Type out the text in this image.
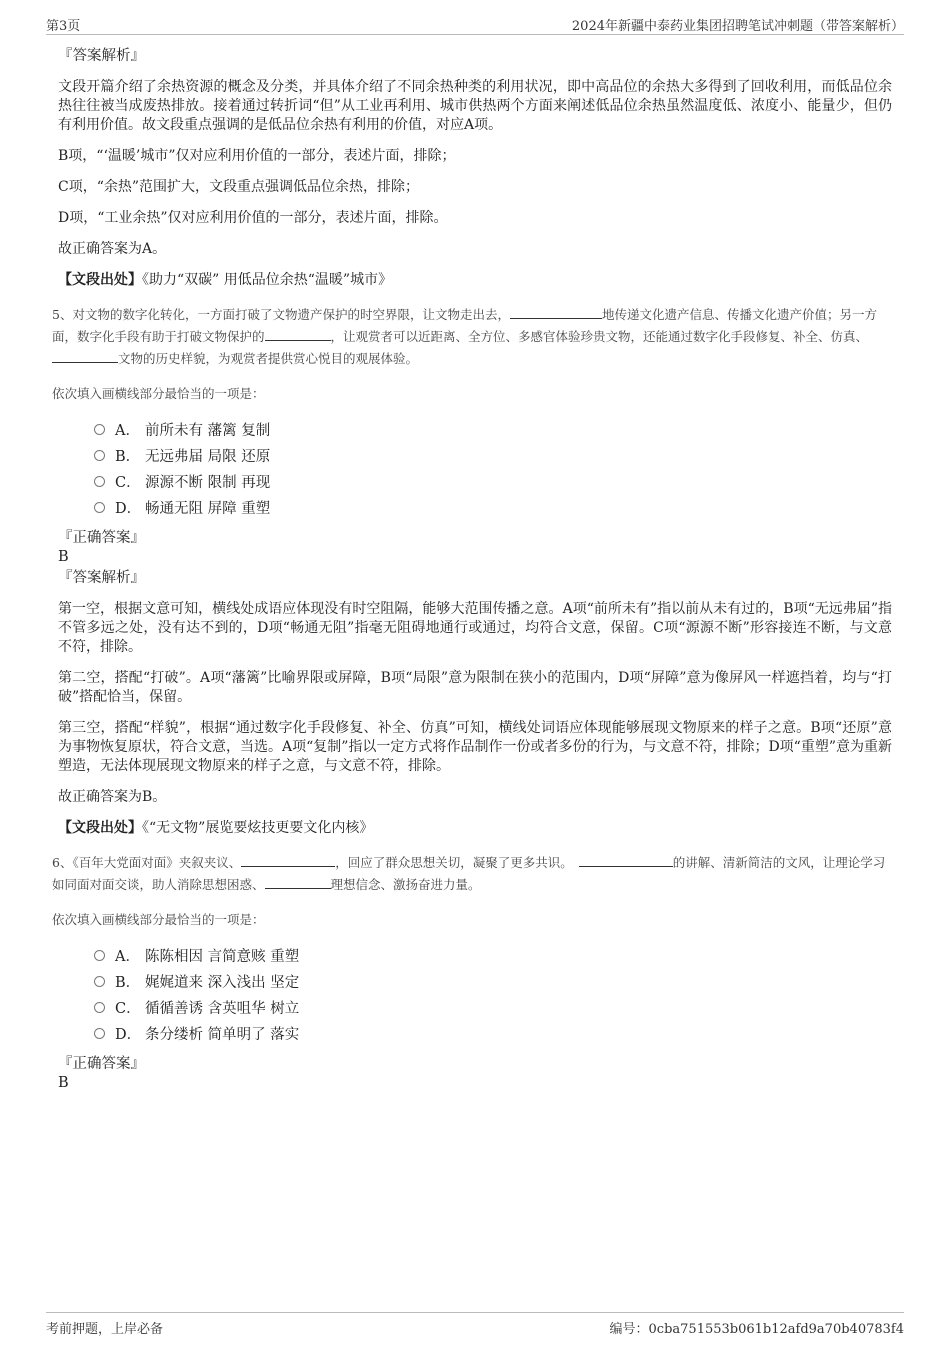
第3页	2024年新疆中泰药业集团招聘笔试冲刺题（带答案解析）
『答案解析』

文段开篇介绍了余热资源的概念及分类，并具体介绍了不同余热种类的利用状况，即中高品位的余热大多得到了回收利用，而低品位余热往往被当成废热排放。接着通过转折词“但”从工业再利用、城市供热两个方面来阐述低品位余热虽然温度低、浓度小、能量少，但仍有利用价值。故文段重点强调的是低品位余热有利用的价值，对应A项。

B项，“‘温暖’城市”仅对应利用价值的一部分，表述片面，排除；

C项，“余热”范围扩大，文段重点强调低品位余热，排除；

D项，“工业余热”仅对应利用价值的一部分，表述片面，排除。

故正确答案为A。

【文段出处】《助力“双碳” 用低品位余热“温暖”城市》

5、对文物的数字化转化，一方面打破了文物遗产保护的时空界限，让文物走出去，	地传递文化遗产信息、传播文化遗产价值；另一方面，数字化手段有助于打破文物保护的	，让观赏者可以近距离、全方位、多感官体验珍贵文物，还能通过数字化手段修复、补全、仿真、文物的历史样貌，为观赏者提供赏心悦目的观展体验。

依次填入画横线部分最恰当的一项是：

A． 前所未有 藩篱 复制
B． 无远弗届 局限 还原
C． 源源不断 限制 再现
D． 畅通无阻 屏障 重塑
『正确答案』
B
『答案解析』

第一空，根据文意可知，横线处成语应体现没有时空阻隔，能够大范围传播之意。A项“前所未有”指以前从未有过的，B项“无远弗届”指不管多远之处，没有达不到的，D项“畅通无阻”指毫无阻碍地通行或通过，均符合文意，保留。C项“源源不断”形容接连不断，与文意不符，排除。

第二空，搭配“打破”。A项“藩篱”比喻界限或屏障，B项“局限”意为限制在狭小的范围内，D项“屏障”意为像屏风一样遮挡着，均与“打破”搭配恰当，保留。

第三空，搭配“样貌”，根据“通过数字化手段修复、补全、仿真”可知，横线处词语应体现能够展现文物原来的样子之意。B项“还原”意为事物恢复原状，符合文意，当选。A项“复制”指以一定方式将作品制作一份或者多份的行为，与文意不符，排除；D项“重塑”意为重新塑造，无法体现展现文物原来的样子之意，与文意不符，排除。

故正确答案为B。

【文段出处】《“无文物”展览要炫技更要文化内核》

6、《百年大党面对面》夹叙夹议、	，回应了群众思想关切，凝聚了更多共识。	的讲解、清新简洁的文风，让理论学习如同面对面交谈，助人消除思想困惑、	理想信念、激扬奋进力量。

依次填入画横线部分最恰当的一项是：

A． 陈陈相因 言简意赅 重塑
B． 娓娓道来 深入浅出 坚定
C． 循循善诱 含英咀华 树立
D． 条分缕析 简单明了 落实
『正确答案』
B
考前押题，上岸必备	编号：0cba751553b061b12afd9a70b40783f4
